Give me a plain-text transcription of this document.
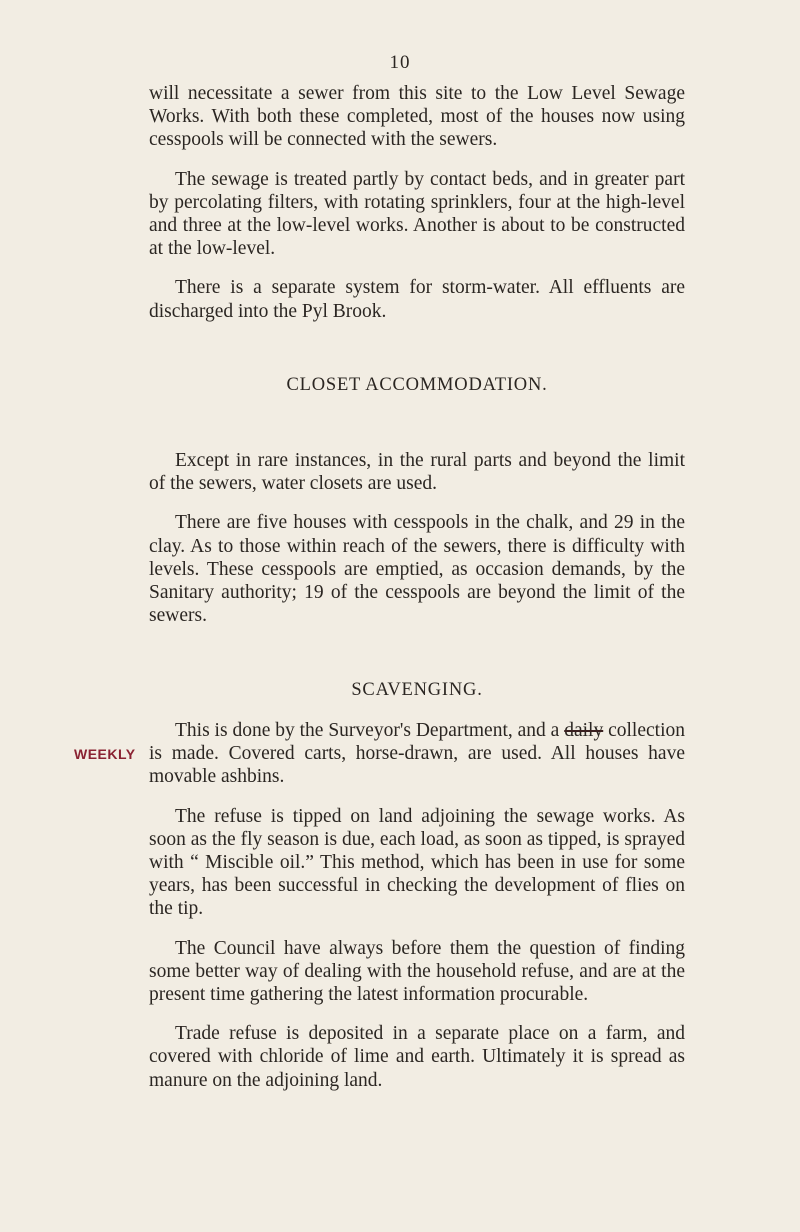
10

will necessitate a sewer from this site to the Low Level Sewage Works. With both these completed, most of the houses now using cesspools will be connected with the sewers.

The sewage is treated partly by contact beds, and in greater part by percolating filters, with rotating sprinklers, four at the high-level and three at the low-level works. Another is about to be constructed at the low-level.

There is a separate system for storm-water. All effluents are discharged into the Pyl Brook.

CLOSET ACCOMMODATION.

Except in rare instances, in the rural parts and beyond the limit of the sewers, water closets are used.

There are five houses with cesspools in the chalk, and 29 in the clay. As to those within reach of the sewers, there is difficulty with levels. These cesspools are emptied, as occasion demands, by the Sanitary authority; 19 of the cesspools are beyond the limit of the sewers.

SCAVENGING.

This is done by the Surveyor's Department, and a daily collection is made. Covered carts, horse-drawn, are used. All houses have movable ashbins.

The refuse is tipped on land adjoining the sewage works. As soon as the fly season is due, each load, as soon as tipped, is sprayed with “ Miscible oil.” This method, which has been in use for some years, has been successful in checking the development of flies on the tip.

The Council have always before them the question of finding some better way of dealing with the household refuse, and are at the present time gathering the latest information procurable.

Trade refuse is deposited in a separate place on a farm, and covered with chloride of lime and earth. Ultimately it is spread as manure on the adjoining land.

WEEKLY
